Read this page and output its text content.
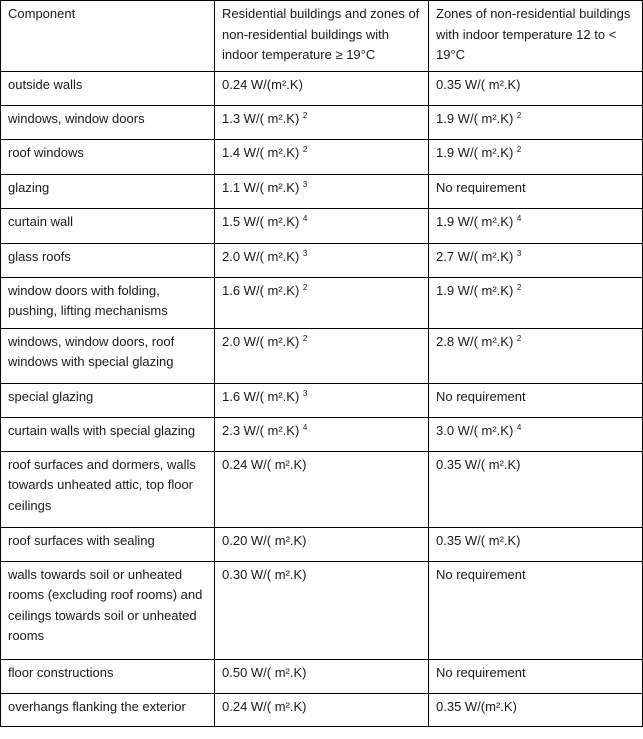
Component	Residential buildings and zones of non-residential buildings with indoor temperature ≥ 19°C	Zones of non-residential buildings with indoor temperature 12 to < 19°C
outside walls	0.24 W/(m².K)	0.35 W/( m².K)
windows, window doors	1.3 W/( m².K) $^2$	1.9 W/( m².K) $^2$
roof windows	1.4 W/( m².K) $^2$	1.9 W/( m².K) $^2$
glazing	1.1 W/( m².K) $^3$	No requirement
curtain wall	1.5 W/( m².K) $^4$	1.9 W/( m².K) $^4$
glass roofs	2.0 W/( m².K) $^3$	2.7 W/( m².K) $^3$
window doors with folding, pushing, lifting mechanisms	1.6 W/( m².K) $^2$	1.9 W/( m².K) $^2$
windows, window doors, roof windows with special glazing	2.0 W/( m².K) $^2$	2.8 W/( m².K) $^2$
special glazing	1.6 W/( m².K) $^3$	No requirement
curtain walls with special glazing	2.3 W/( m².K) $^4$	3.0 W/( m².K) $^4$
roof surfaces and dormers, walls towards unheated attic, top floor ceilings	0.24 W/( m².K)	0.35 W/( m².K)
roof surfaces with sealing	0.20 W/( m².K)	0.35 W/( m².K)
walls towards soil or unheated rooms (excluding roof rooms) and ceilings towards soil or unheated rooms	0.30 W/( m².K)	No requirement
floor constructions	0.50 W/( m².K)	No requirement
overhangs flanking the exterior	0.24 W/( m².K)	0.35 W/(m².K)
